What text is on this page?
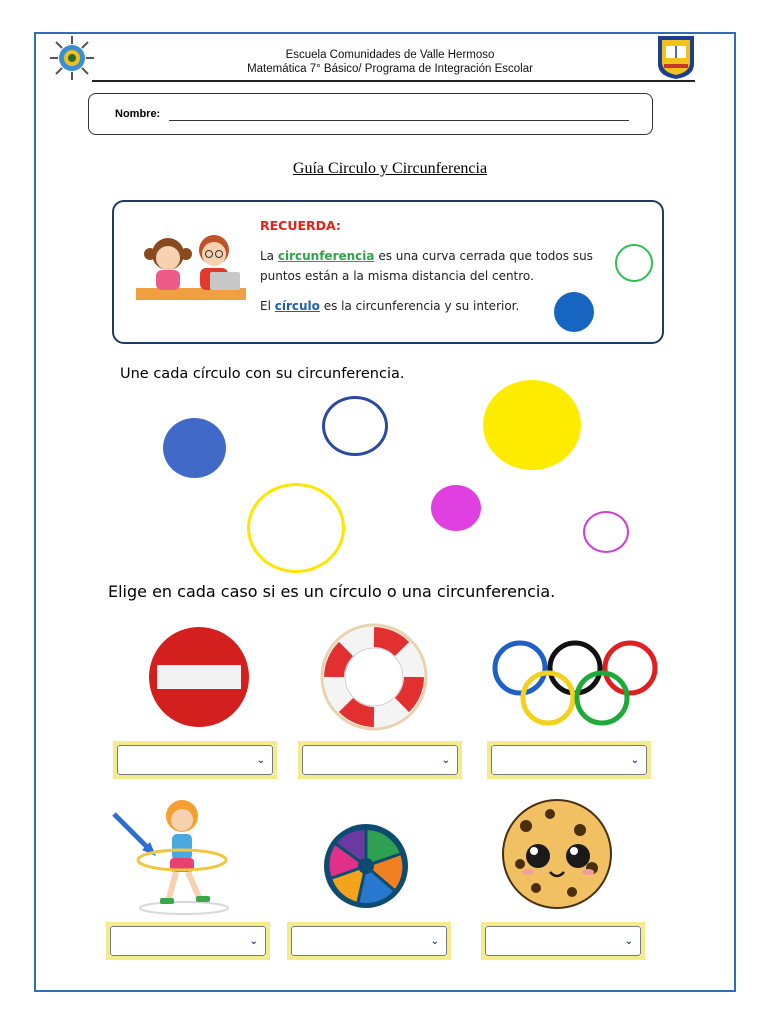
Escuela Comunidades de Valle Hermoso
Matemática 7° Básico/ Programa de Integración Escolar
Nombre:
Guía Circulo y Circunferencia
RECUERDA:
La circunferencia es una curva cerrada que todos sus puntos están a la misma distancia del centro.
El círculo es la circunferencia y su interior.
Une cada círculo con su circunferencia.
Elige en cada caso si es un círculo o una circunferencia.
⌄	⌄	⌄
⌄	⌄	⌄
